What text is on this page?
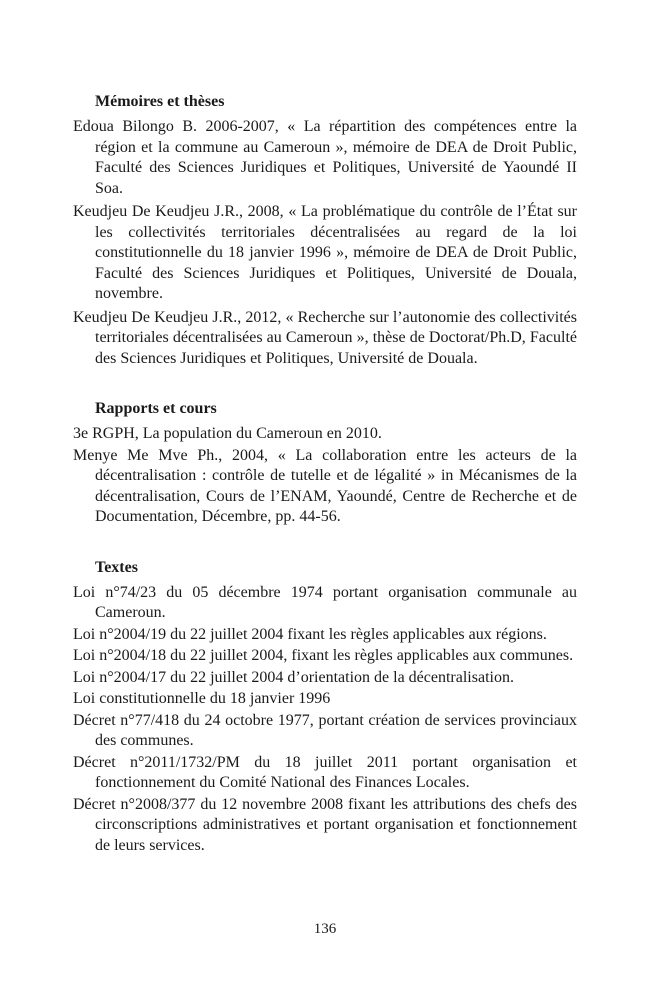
Mémoires et thèses

Edoua Bilongo B. 2006-2007, « La répartition des compétences entre la région et la commune au Cameroun », mémoire de DEA de Droit Public, Faculté des Sciences Juridiques et Politiques, Université de Yaoundé II Soa.

Keudjeu De Keudjeu J.R., 2008, « La problématique du contrôle de l’État sur les collectivités territoriales décentralisées au regard de la loi constitutionnelle du 18 janvier 1996 », mémoire de DEA de Droit Public, Faculté des Sciences Juridiques et Politiques, Université de Douala, novembre.

Keudjeu De Keudjeu J.R., 2012, « Recherche sur l’autonomie des collectivités territoriales décentralisées au Cameroun », thèse de Doctorat/Ph.D, Faculté des Sciences Juridiques et Politiques, Université de Douala.

Rapports et cours

3e RGPH, La population du Cameroun en 2010.

Menye Me Mve Ph., 2004, « La collaboration entre les acteurs de la décentralisation : contrôle de tutelle et de légalité » in Mécanismes de la décentralisation, Cours de l’ENAM, Yaoundé, Centre de Recherche et de Documentation, Décembre, pp. 44-56.

Textes

Loi n°74/23 du 05 décembre 1974 portant organisation communale au Cameroun.

Loi n°2004/19 du 22 juillet 2004 fixant les règles applicables aux régions.

Loi n°2004/18 du 22 juillet 2004, fixant les règles applicables aux communes.

Loi n°2004/17 du 22 juillet 2004 d’orientation de la décentralisation.

Loi constitutionnelle du 18 janvier 1996

Décret n°77/418 du 24 octobre 1977, portant création de services provinciaux des communes.

Décret n°2011/1732/PM du 18 juillet 2011 portant organisation et fonctionnement du Comité National des Finances Locales.

Décret n°2008/377 du 12 novembre 2008 fixant les attributions des chefs des circonscriptions administratives et portant organisation et fonctionnement de leurs services.

136
